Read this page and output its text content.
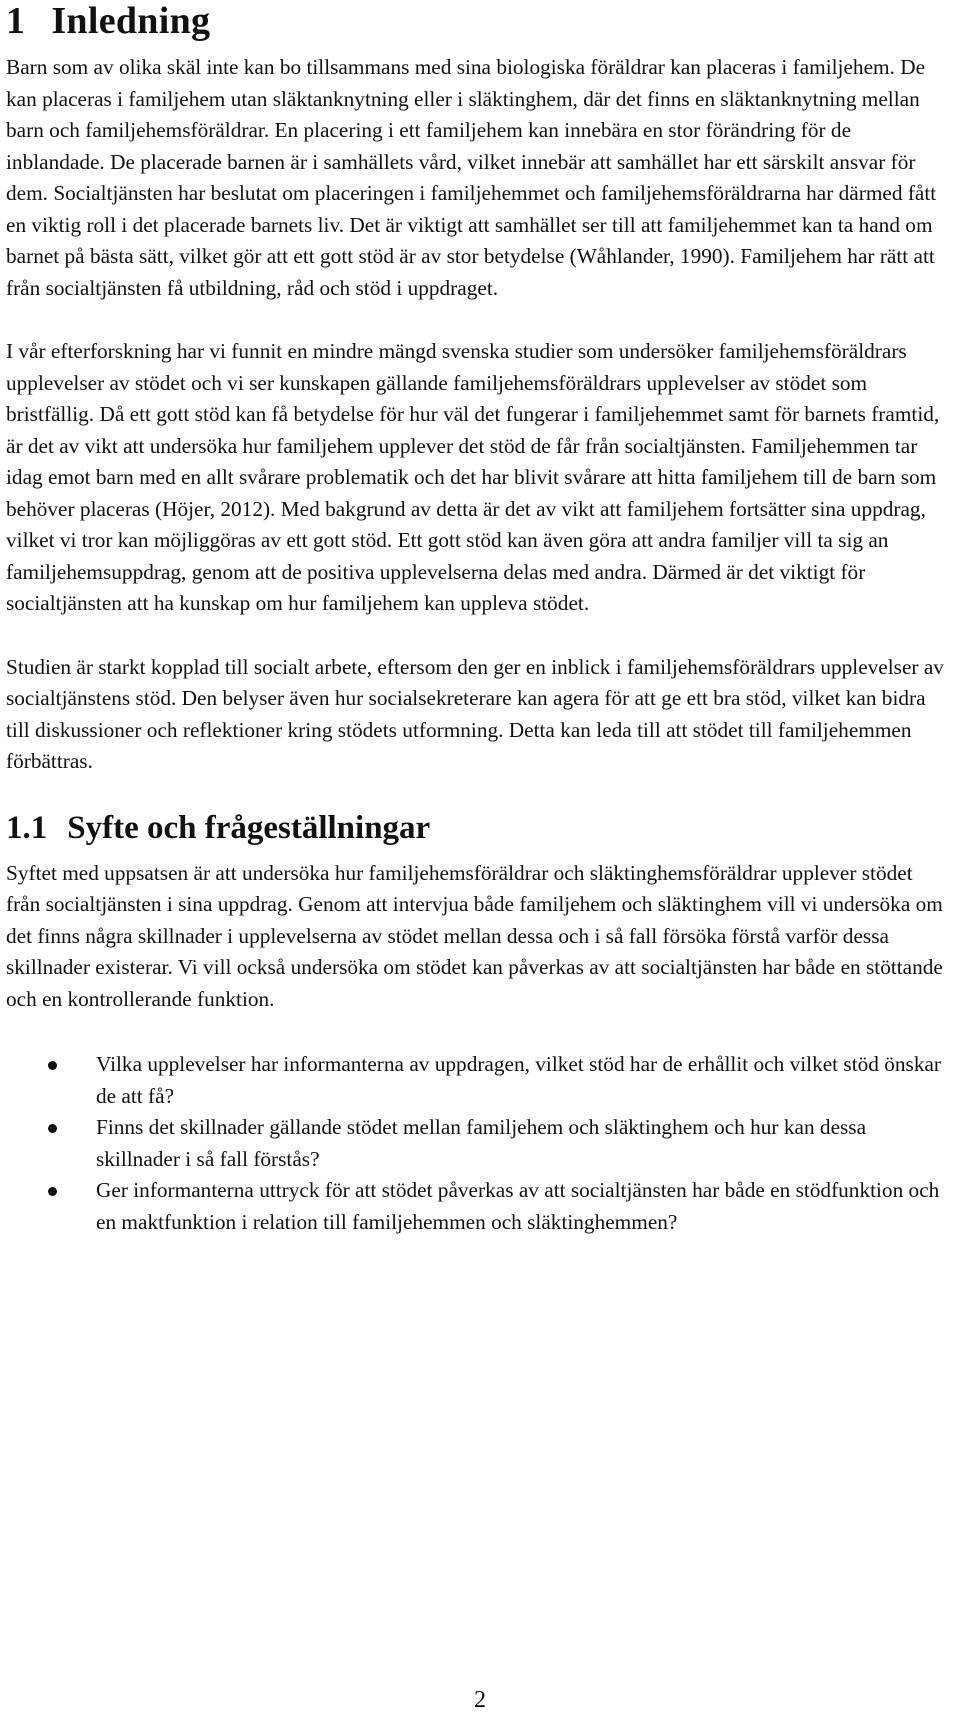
1 Inledning

Barn som av olika skäl inte kan bo tillsammans med sina biologiska föräldrar kan placeras i familjehem. De kan placeras i familjehem utan släktanknytning eller i släktinghem, där det finns en släktanknytning mellan barn och familjehemsföräldrar. En placering i ett familjehem kan innebära en stor förändring för de inblandade. De placerade barnen är i samhällets vård, vilket innebär att samhället har ett särskilt ansvar för dem. Socialtjänsten har beslutat om placeringen i familjehemmet och familjehemsföräldrarna har därmed fått en viktig roll i det placerade barnets liv. Det är viktigt att samhället ser till att familjehemmet kan ta hand om barnet på bästa sätt, vilket gör att ett gott stöd är av stor betydelse (Wåhlander, 1990). Familjehem har rätt att från socialtjänsten få utbildning, råd och stöd i uppdraget.

I vår efterforskning har vi funnit en mindre mängd svenska studier som undersöker familjehemsföräldrars upplevelser av stödet och vi ser kunskapen gällande familjehemsföräldrars upplevelser av stödet som bristfällig. Då ett gott stöd kan få betydelse för hur väl det fungerar i familjehemmet samt för barnets framtid, är det av vikt att undersöka hur familjehem upplever det stöd de får från socialtjänsten. Familjehemmen tar idag emot barn med en allt svårare problematik och det har blivit svårare att hitta familjehem till de barn som behöver placeras (Höjer, 2012). Med bakgrund av detta är det av vikt att familjehem fortsätter sina uppdrag, vilket vi tror kan möjliggöras av ett gott stöd. Ett gott stöd kan även göra att andra familjer vill ta sig an familjehemsuppdrag, genom att de positiva upplevelserna delas med andra. Därmed är det viktigt för socialtjänsten att ha kunskap om hur familjehem kan uppleva stödet.

Studien är starkt kopplad till socialt arbete, eftersom den ger en inblick i familjehemsföräldrars upplevelser av socialtjänstens stöd. Den belyser även hur socialsekreterare kan agera för att ge ett bra stöd, vilket kan bidra till diskussioner och reflektioner kring stödets utformning. Detta kan leda till att stödet till familjehemmen förbättras.

1.1 Syfte och frågeställningar

Syftet med uppsatsen är att undersöka hur familjehemsföräldrar och släktinghemsföräldrar upplever stödet från socialtjänsten i sina uppdrag. Genom att intervjua både familjehem och släktinghem vill vi undersöka om det finns några skillnader i upplevelserna av stödet mellan dessa och i så fall försöka förstå varför dessa skillnader existerar. Vi vill också undersöka om stödet kan påverkas av att socialtjänsten har både en stöttande och en kontrollerande funktion.

Vilka upplevelser har informanterna av uppdragen, vilket stöd har de erhållit och vilket stöd önskar de att få?
Finns det skillnader gällande stödet mellan familjehem och släktinghem och hur kan dessa skillnader i så fall förstås?
Ger informanterna uttryck för att stödet påverkas av att socialtjänsten har både en stödfunktion och en maktfunktion i relation till familjehemmen och släktinghemmen?
2
